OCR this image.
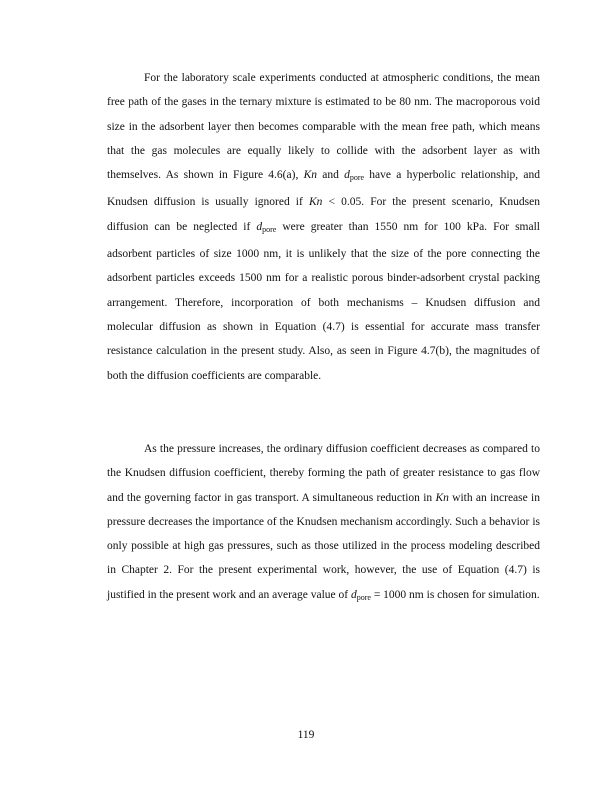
For the laboratory scale experiments conducted at atmospheric conditions, the mean free path of the gases in the ternary mixture is estimated to be 80 nm. The macroporous void size in the adsorbent layer then becomes comparable with the mean free path, which means that the gas molecules are equally likely to collide with the adsorbent layer as with themselves. As shown in Figure 4.6(a), Kn and $d_{pore}$ have a hyperbolic relationship, and Knudsen diffusion is usually ignored if Kn < 0.05. For the present scenario, Knudsen diffusion can be neglected if $d_{pore}$ were greater than 1550 nm for 100 kPa. For small adsorbent particles of size 1000 nm, it is unlikely that the size of the pore connecting the adsorbent particles exceeds 1500 nm for a realistic porous binder-adsorbent crystal packing arrangement. Therefore, incorporation of both mechanisms – Knudsen diffusion and molecular diffusion as shown in Equation (4.7) is essential for accurate mass transfer resistance calculation in the present study. Also, as seen in Figure 4.7(b), the magnitudes of both the diffusion coefficients are comparable.

As the pressure increases, the ordinary diffusion coefficient decreases as compared to the Knudsen diffusion coefficient, thereby forming the path of greater resistance to gas flow and the governing factor in gas transport. A simultaneous reduction in Kn with an increase in pressure decreases the importance of the Knudsen mechanism accordingly. Such a behavior is only possible at high gas pressures, such as those utilized in the process modeling described in Chapter 2. For the present experimental work, however, the use of Equation (4.7) is justified in the present work and an average value of $d_{pore} = 1000$ nm is chosen for simulation.

119
